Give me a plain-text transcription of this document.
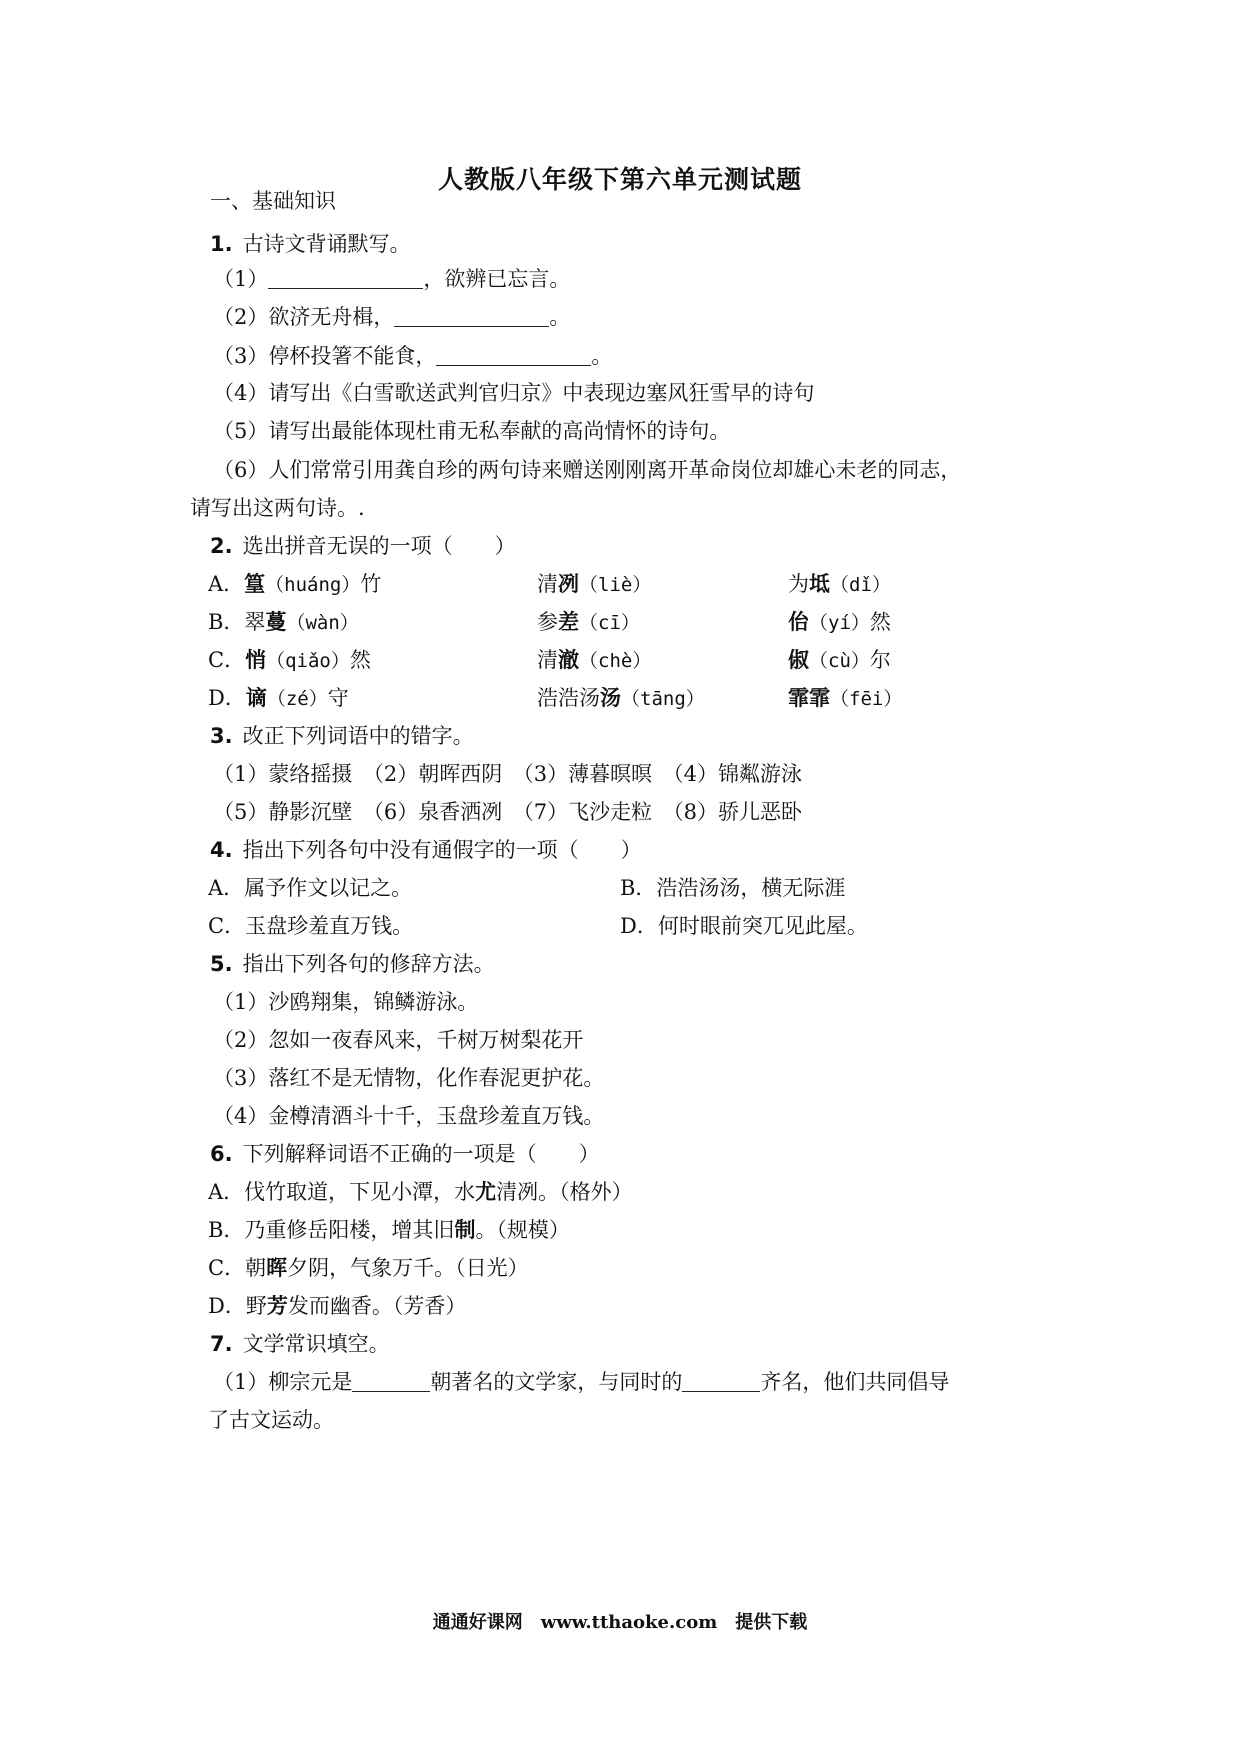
人教版八年级下第六单元测试题
一、基础知识
1. 古诗文背诵默写。
（1）	，欲辨已忘言。
（2）欲济无舟楫，	。
（3）停杯投箸不能食，	。
（4）请写出《白雪歌送武判官归京》中表现边塞风狂雪早的诗句
（5）请写出最能体现杜甫无私奉献的高尚情怀的诗句。
（6）人们常常引用龚自珍的两句诗来赠送刚刚离开革命岗位却雄心未老的同志，
请写出这两句诗。.
2. 选出拼音无误的一项（　　）
A．篁（huáng）竹	清冽（liè）	为坻（dǐ）
B．翠蔓（wàn）	参差（cī）	佁（yí）然
C．悄（qiǎo）然	清澈（chè）	俶（cù）尔
D．谪（zé）守	浩浩汤汤（tāng）	霏霏（fēi）
3. 改正下列词语中的错字。
（1）蒙络摇摄　（2）朝晖西阴　（3）薄暮暝暝　（4）锦粼游泳
（5）静影沉壁　（6）泉香洒冽　（7）飞沙走粒　（8）骄儿恶卧
4. 指出下列各句中没有通假字的一项（　　）
A．属予作文以记之。	B．浩浩汤汤，横无际涯
C．玉盘珍羞直万钱。	D．何时眼前突兀见此屋。
5. 指出下列各句的修辞方法。
（1）沙鸥翔集，锦鳞游泳。
（2）忽如一夜春风来，千树万树梨花开
（3）落红不是无情物，化作春泥更护花。
（4）金樽清酒斗十千，玉盘珍羞直万钱。
6. 下列解释词语不正确的一项是（　　）
A．伐竹取道，下见小潭，水尤清冽。（格外）
B．乃重修岳阳楼，增其旧制。（规模）
C．朝晖夕阴，气象万千。（日光）
D．野芳发而幽香。（芳香）
7. 文学常识填空。
（1）柳宗元是	朝著名的文学家，与同时的	齐名，他们共同倡导
了古文运动。
通通好课网　www.tthaoke.com　提供下载
